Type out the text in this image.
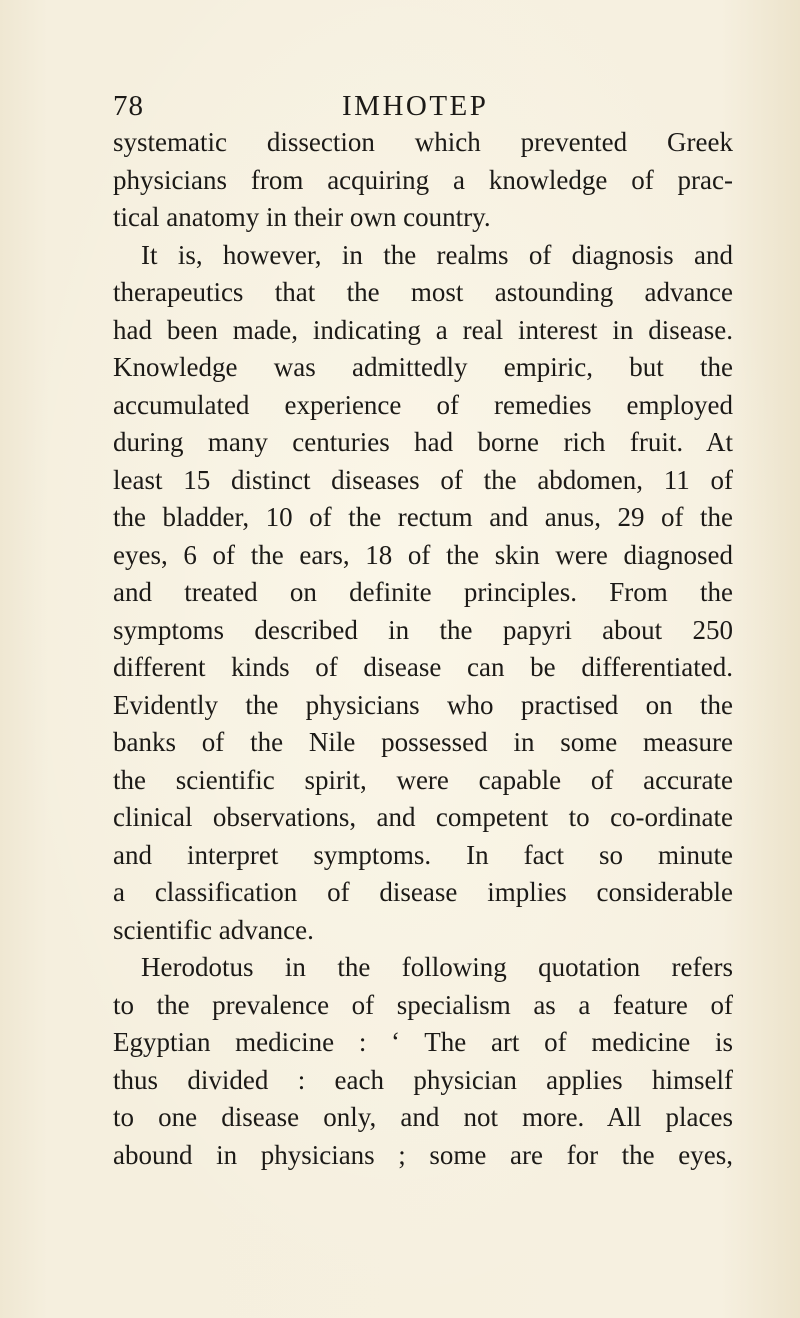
78	IMHOTEP
systematic dissection which prevented Greek
physicians from acquiring a knowledge of prac-
tical anatomy in their own country.
It is, however, in the realms of diagnosis and
therapeutics that the most astounding advance
had been made, indicating a real interest in disease.
Knowledge was admittedly empiric, but the
accumulated experience of remedies employed
during many centuries had borne rich fruit. At
least 15 distinct diseases of the abdomen, 11 of
the bladder, 10 of the rectum and anus, 29 of the
eyes, 6 of the ears, 18 of the skin were diagnosed
and treated on definite principles. From the
symptoms described in the papyri about 250
different kinds of disease can be differentiated.
Evidently the physicians who practised on the
banks of the Nile possessed in some measure
the scientific spirit, were capable of accurate
clinical observations, and competent to co-ordinate
and interpret symptoms. In fact so minute
a classification of disease implies considerable
scientific advance.
Herodotus in the following quotation refers
to the prevalence of specialism as a feature of
Egyptian medicine : ‘ The art of medicine is
thus divided : each physician applies himself
to one disease only, and not more. All places
abound in physicians ; some are for the eyes,
